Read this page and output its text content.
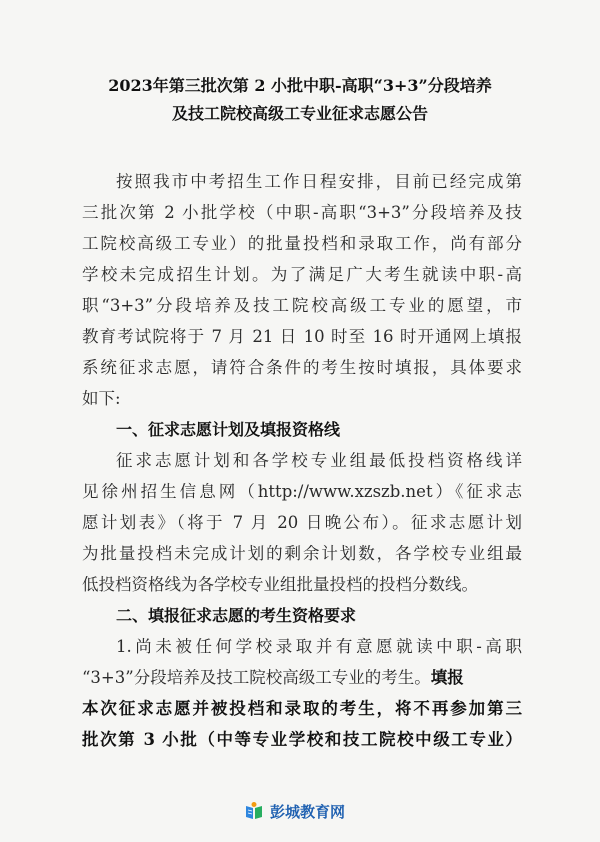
2023年第三批次第 2 小批中职-高职“3+3”分段培养
及技工院校高级工专业征求志愿公告
按照我市中考招生工作日程安排，目前已经完成第
三批次第 2 小批学校（中职-高职“3+3”分段培养及技
工院校高级工专业）的批量投档和录取工作，尚有部分
学校未完成招生计划。为了满足广大考生就读中职-高
职“3+3”分段培养及技工院校高级工专业的愿望，市
教育考试院将于 7 月 21 日 10 时至 16 时开通网上填报
系统征求志愿，请符合条件的考生按时填报，具体要求
如下:
一、征求志愿计划及填报资格线
征求志愿计划和各学校专业组最低投档资格线详
见徐州招生信息网（http://www.xzszb.net）《征求志
愿计划表》（将于 7 月 20 日晚公布）。征求志愿计划
为批量投档未完成计划的剩余计划数，各学校专业组最
低投档资格线为各学校专业组批量投档的投档分数线。
二、填报征求志愿的考生资格要求
1.尚未被任何学校录取并有意愿就读中职-高职
“3+3”分段培养及技工院校高级工专业的考生。填报
本次征求志愿并被投档和录取的考生，将不再参加第三
批次第 3 小批（中等专业学校和技工院校中级工专业）
彭城教育网
